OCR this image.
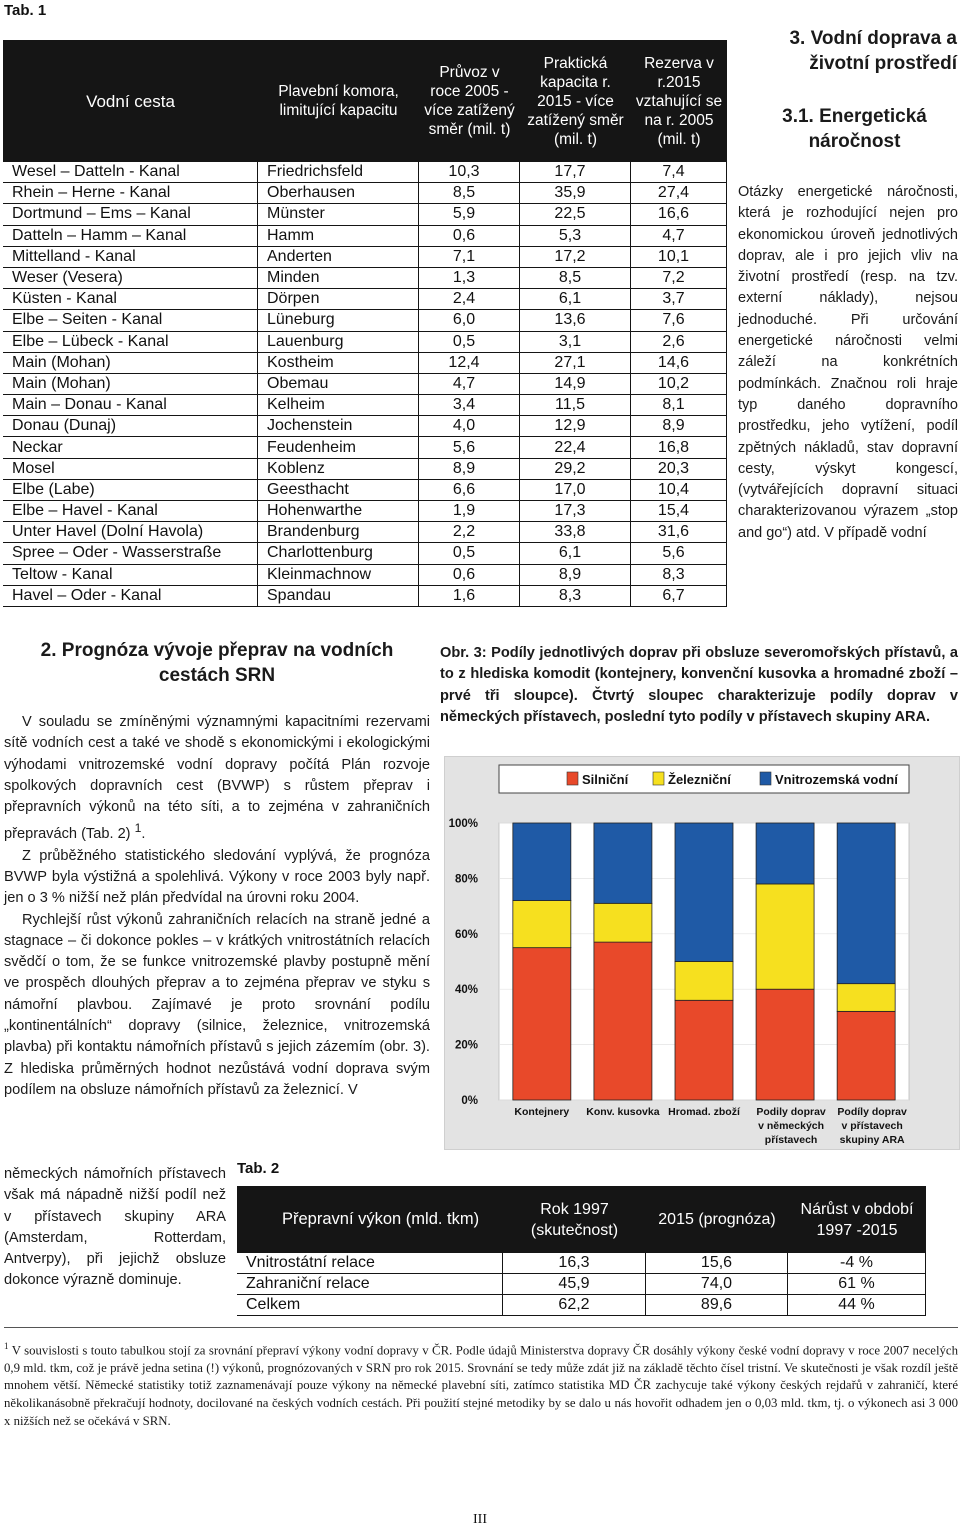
Tab. 1
Vodní cesta	Plavební komora, limitující kapacitu	Průvoz v roce 2005 - více zatížený směr (mil. t)	Praktická kapacita r. 2015 - více zatížený směr (mil. t)	Rezerva v r.2015 vztahující se na r. 2005 (mil. t)
Wesel – Datteln - Kanal	Friedrichsfeld	10,3	17,7	7,4
Rhein – Herne - Kanal	Oberhausen	8,5	35,9	27,4
Dortmund – Ems – Kanal	Münster	5,9	22,5	16,6
Datteln – Hamm – Kanal	Hamm	0,6	5,3	4,7
Mittelland - Kanal	Anderten	7,1	17,2	10,1
Weser (Vesera)	Minden	1,3	8,5	7,2
Küsten - Kanal	Dörpen	2,4	6,1	3,7
Elbe – Seiten - Kanal	Lüneburg	6,0	13,6	7,6
Elbe – Lübeck - Kanal	Lauenburg	0,5	3,1	2,6
Main (Mohan)	Kostheim	12,4	27,1	14,6
Main (Mohan)	Obemau	4,7	14,9	10,2
Main – Donau - Kanal	Kelheim	3,4	11,5	8,1
Donau (Dunaj)	Jochenstein	4,0	12,9	8,9
Neckar	Feudenheim	5,6	22,4	16,8
Mosel	Koblenz	8,9	29,2	20,3
Elbe (Labe)	Geesthacht	6,6	17,0	10,4
Elbe – Havel - Kanal	Hohenwarthe	1,9	17,3	15,4
Unter Havel (Dolní Havola)	Brandenburg	2,2	33,8	31,6
Spree – Oder - Wasserstraße	Charlottenburg	0,5	6,1	5,6
Teltow - Kanal	Kleinmachnow	0,6	8,9	8,3
Havel – Oder - Kanal	Spandau	1,6	8,3	6,7
3. Vodní doprava a životní prostředí
3.1. Energetická náročnost
Otázky energetické náročnosti, která je rozhodující nejen pro ekonomickou úroveň jednotlivých doprav, ale i pro jejich vliv na životní prostředí (resp. na tzv. externí náklady), nejsou jednoduché. Při určování energetické náročnosti velmi záleží na konkrétních podmínkách. Značnou roli hraje typ daného dopravního prostředku, jeho vytížení, podíl zpětných nákladů, stav dopravní cesty, výskyt kongescí, (vytvářejících dopravní situaci charakterizovanou výrazem „stop and go“) atd. V případě vodní
2. Prognóza vývoje přeprav na vodních cestách SRN

V souladu se zmíněnými významnými kapacitními rezervami sítě vodních cest a také ve shodě s ekonomickými i ekologickými výhodami vnitrozemské vodní dopravy počítá Plán rozvoje spolkových dopravních cest (BVWP) s růstem přeprav i přepravních výkonů na této síti, a to zejména v zahraničních přepravách (Tab. 2) $^1$.

Z průběžného statistického sledování vyplývá, že prognóza BVWP byla výstižná a spolehlivá. Výkony v roce 2003 byly např. jen o 3 % nižší než plán předvídal na úrovni roku 2004.

Rychlejší růst výkonů zahraničních relacích na straně jedné a stagnace – či dokonce pokles – v krátkých vnitrostátních relacích svědčí o tom, že se funkce vnitrozemské plavby postupně mění ve prospěch dlouhých přeprav a to zejména přeprav ve styku s námořní plavbou. Zajímavé je proto srovnání podílu „kontinentálních“ dopravy (silnice, železnice, vnitrozemská plavba) při kontaktu námořních přístavů s jejich zázemím (obr. 3). Z hlediska průměrných hodnot nezůstává vodní doprava svým podílem na obsluze námořních přístavů za železnicí. V

německých námořních přístavech však má nápadně nižší podíl než v přístavech skupiny ARA (Amsterdam, Rotterdam, Antverpy), při jejichž obsluze dokonce výrazně dominuje.
Obr. 3: Podíly jednotlivých doprav při obsluze severomořských přístavů, a to z hlediska komodit (kontejnery, konvenční kusovka a hromadné zboží – prvé tři sloupce). Čtvrtý sloupec charakterizuje podíly doprav v německých přístavech, poslední tyto podíly v přístavech skupiny ARA.
Silniční	Železniční	Vnitrozemská vodní
0%
20%
40%
60%
80%
100%
Kontejnery Konv. kusovka Hromad. zboží Podily doprav
v německých
přístavech
Podíly doprav
v přístavech
skupiny ARA
Tab. 2
Přepravní výkon (mld. tkm)	Rok 1997 (skutečnost)	2015 (prognóza)	Nárůst v období 1997 -2015
Vnitrostátní relace	16,3	15,6	-4 %
Zahraniční relace	45,9	74,0	61 %
Celkem	62,2	89,6	44 %
$^1$ V souvislosti s touto tabulkou stojí za srovnání přepraví výkony vodní dopravy v ČR. Podle údajů Ministerstva dopravy ČR dosáhly výkony české vodní dopravy v roce 2007 necelých 0,9 mld. tkm, což je právě jedna setina (!) výkonů, prognózovaných v SRN pro rok 2015. Srovnání se tedy může zdát již na základě těchto čísel tristní. Ve skutečnosti je však rozdíl ještě mnohem větší. Německé statistiky totiž zaznamenávají pouze výkony na německé plavební síti, zatímco statistika MD ČR zachycuje také výkony českých rejdařů v zahraničí, které několikanásobně překračují hodnoty, docilované na českých vodních cestách. Při použití stejné metodiky by se dalo u nás hovořit odhadem jen o 0,03 mld. tkm, tj. o výkonech asi 3 000 x nižších než se očekává v SRN.
III
